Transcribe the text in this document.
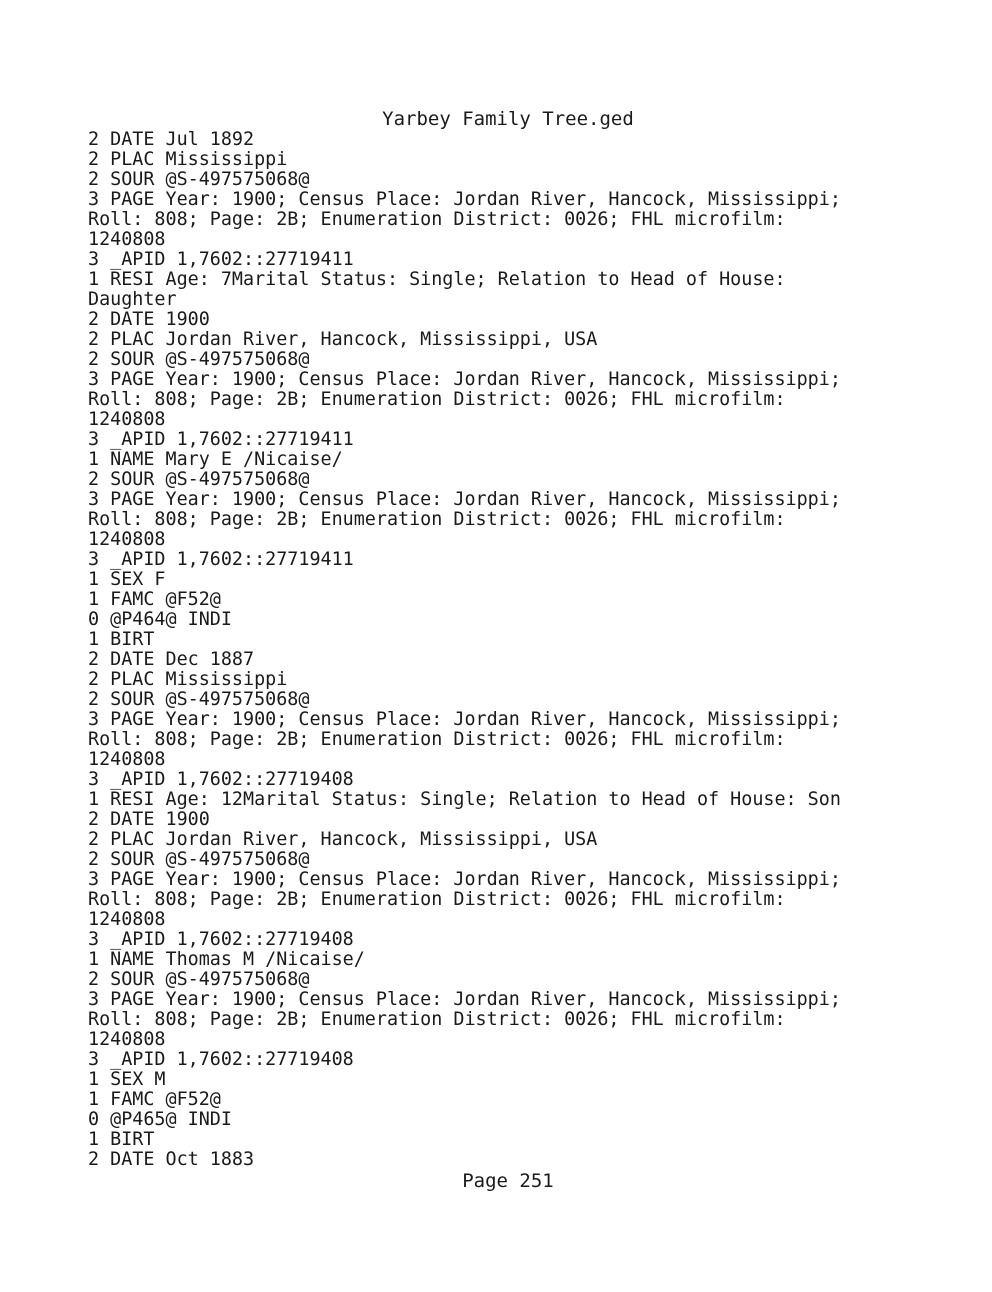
Yarbey Family Tree.ged
2 DATE Jul 1892
2 PLAC Mississippi
2 SOUR @S-497575068@
3 PAGE Year: 1900; Census Place: Jordan River, Hancock, Mississippi;
Roll: 808; Page: 2B; Enumeration District: 0026; FHL microfilm:
1240808
3 _APID 1,7602::27719411
1 RESI Age: 7Marital Status: Single; Relation to Head of House:
Daughter
2 DATE 1900
2 PLAC Jordan River, Hancock, Mississippi, USA
2 SOUR @S-497575068@
3 PAGE Year: 1900; Census Place: Jordan River, Hancock, Mississippi;
Roll: 808; Page: 2B; Enumeration District: 0026; FHL microfilm:
1240808
3 _APID 1,7602::27719411
1 NAME Mary E /Nicaise/
2 SOUR @S-497575068@
3 PAGE Year: 1900; Census Place: Jordan River, Hancock, Mississippi;
Roll: 808; Page: 2B; Enumeration District: 0026; FHL microfilm:
1240808
3 _APID 1,7602::27719411
1 SEX F
1 FAMC @F52@
0 @P464@ INDI
1 BIRT
2 DATE Dec 1887
2 PLAC Mississippi
2 SOUR @S-497575068@
3 PAGE Year: 1900; Census Place: Jordan River, Hancock, Mississippi;
Roll: 808; Page: 2B; Enumeration District: 0026; FHL microfilm:
1240808
3 _APID 1,7602::27719408
1 RESI Age: 12Marital Status: Single; Relation to Head of House: Son
2 DATE 1900
2 PLAC Jordan River, Hancock, Mississippi, USA
2 SOUR @S-497575068@
3 PAGE Year: 1900; Census Place: Jordan River, Hancock, Mississippi;
Roll: 808; Page: 2B; Enumeration District: 0026; FHL microfilm:
1240808
3 _APID 1,7602::27719408
1 NAME Thomas M /Nicaise/
2 SOUR @S-497575068@
3 PAGE Year: 1900; Census Place: Jordan River, Hancock, Mississippi;
Roll: 808; Page: 2B; Enumeration District: 0026; FHL microfilm:
1240808
3 _APID 1,7602::27719408
1 SEX M
1 FAMC @F52@
0 @P465@ INDI
1 BIRT
2 DATE Oct 1883
Page 251
